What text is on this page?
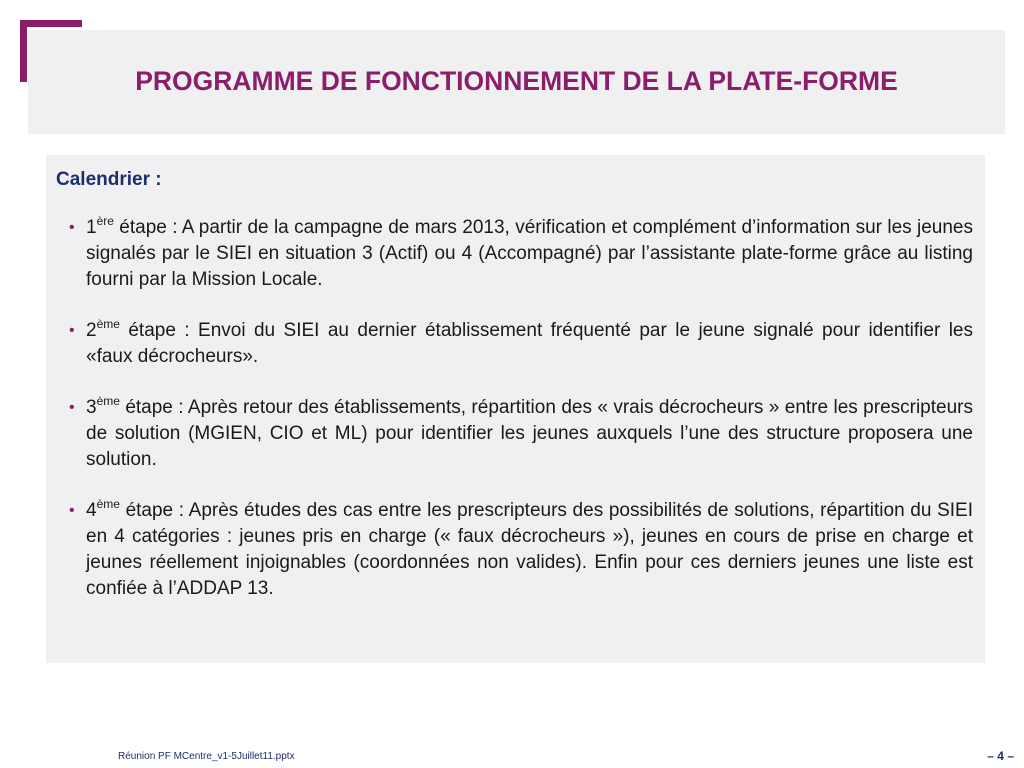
PROGRAMME DE FONCTIONNEMENT DE LA PLATE-FORME
Calendrier :
• 1ère étape : A partir de la campagne de mars 2013, vérification et complément d’information sur les jeunes signalés par le SIEI en situation 3 (Actif) ou 4 (Accompagné) par l’assistante plate-forme grâce au listing fourni par la Mission Locale.
• 2ème étape : Envoi du SIEI au dernier établissement fréquenté par le jeune signalé pour identifier les «faux décrocheurs».
• 3ème étape : Après retour des établissements, répartition des « vrais décrocheurs » entre les prescripteurs de solution (MGIEN, CIO et ML) pour identifier les jeunes auxquels l’une des structure proposera une solution.
• 4ème étape : Après études des cas entre les prescripteurs des possibilités de solutions, répartition du SIEI en 4 catégories : jeunes pris en charge (« faux décrocheurs »), jeunes en cours de prise en charge et jeunes réellement injoignables (coordonnées non valides). Enfin pour ces derniers jeunes une liste est confiée à l’ADDAP 13.
Réunion PF MCentre_v1-5Juillet11.pptx	– 4 –
